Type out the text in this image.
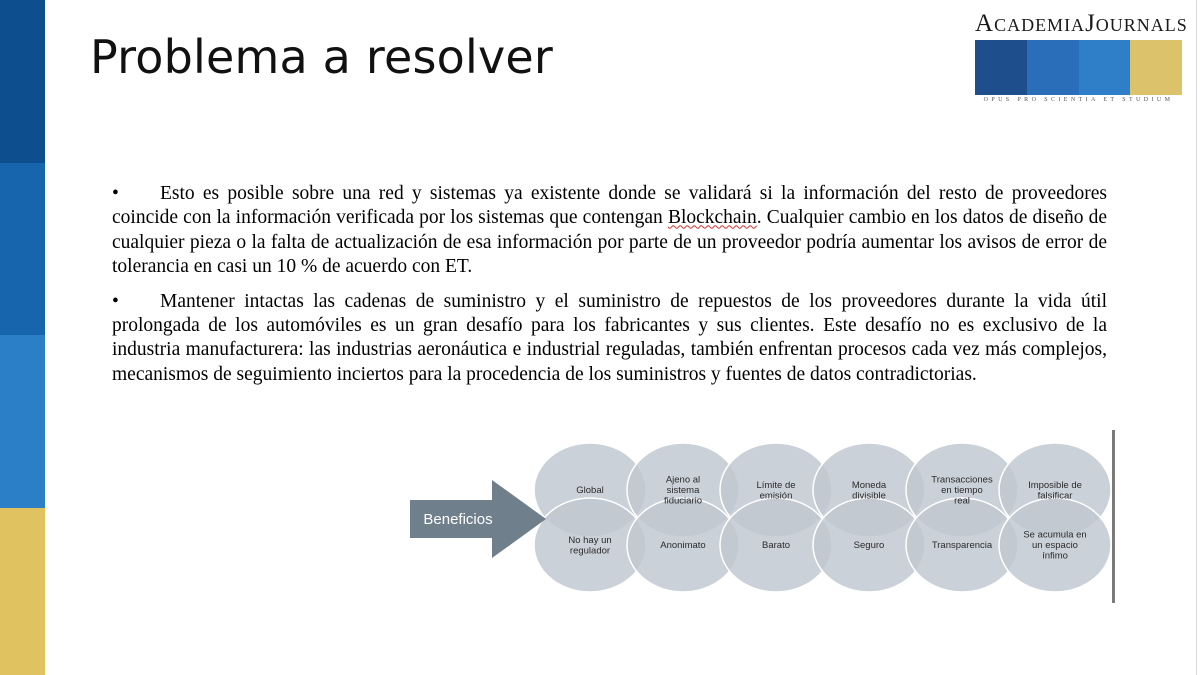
Problema a resolver
ACADEMIAJOURNALS
OPUS PRO SCIENTIA ET STUDIUM

• Esto es posible sobre una red y sistemas ya existente donde se validará si la información del resto de proveedores coincide con la información verificada por los sistemas que contengan Blockchain. Cualquier cambio en los datos de diseño de cualquier pieza o la falta de actualización de esa información por parte de un proveedor podría aumentar los avisos de error de tolerancia en casi un 10 % de acuerdo con ET.

• Mantener intactas las cadenas de suministro y el suministro de repuestos de los proveedores durante la vida útil prolongada de los automóviles es un gran desafío para los fabricantes y sus clientes. Este desafío no es exclusivo de la industria manufacturera: las industrias aeronáutica e industrial reguladas, también enfrentan procesos cada vez más complejos, mecanismos de seguimiento inciertos para la procedencia de los suministros y fuentes de datos contradictorias.

Beneficios
Global
Ajeno al sistema fiduciario
Límite de emisión
Moneda divisible
Transacciones en tiempo real
Imposible de falsificar
No hay un regulador	Anonimato	Barato	Seguro	Transparencia
Se acumula en un espacio ínfimo
